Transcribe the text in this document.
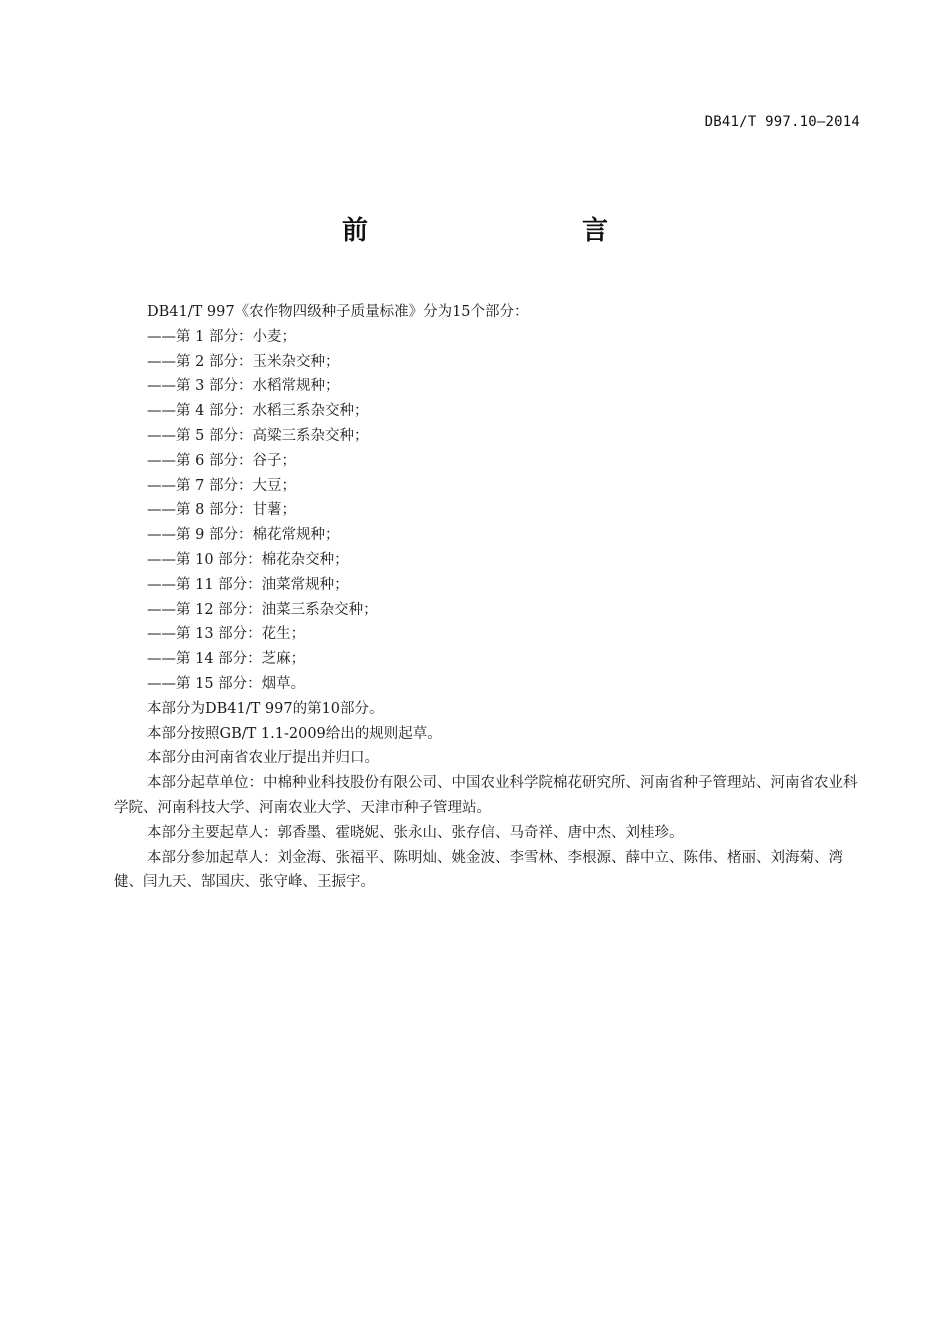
DB41/T 997.10—2014
前　　言

DB41/T 997《农作物四级种子质量标准》分为15个部分：

——第 1 部分：小麦；
——第 2 部分：玉米杂交种；
——第 3 部分：水稻常规种；
——第 4 部分：水稻三系杂交种；
——第 5 部分：高粱三系杂交种；
——第 6 部分：谷子；
——第 7 部分：大豆；
——第 8 部分：甘薯；
——第 9 部分：棉花常规种；
——第 10 部分：棉花杂交种；
——第 11 部分：油菜常规种；
——第 12 部分：油菜三系杂交种；
——第 13 部分：花生；
——第 14 部分：芝麻；
——第 15 部分：烟草。

本部分为DB41/T 997的第10部分。

本部分按照GB/T 1.1-2009给出的规则起草。

本部分由河南省农业厅提出并归口。

本部分起草单位：中棉种业科技股份有限公司、中国农业科学院棉花研究所、河南省种子管理站、河南省农业科学院、河南科技大学、河南农业大学、天津市种子管理站。

本部分主要起草人：郭香墨、霍晓妮、张永山、张存信、马奇祥、唐中杰、刘桂珍。

本部分参加起草人：刘金海、张福平、陈明灿、姚金波、李雪林、李根源、薛中立、陈伟、楮丽、刘海菊、湾健、闫九天、郜国庆、张守峰、王振宇。
